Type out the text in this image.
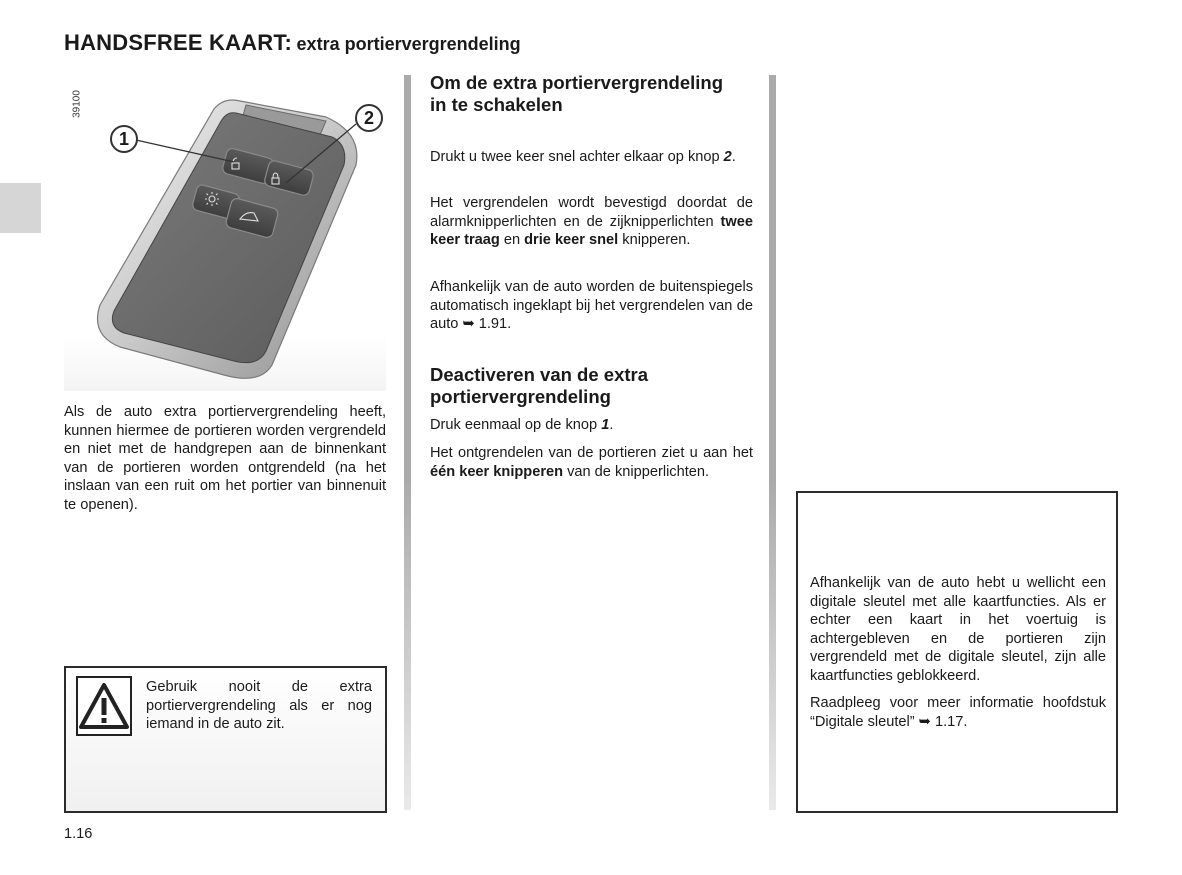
HANDSFREE KAART: extra portiervergrendeling
39100
1
2

Als de auto extra portiervergrendeling heeft, kunnen hiermee de portieren worden vergrendeld en niet met de handgrepen aan de binnenkant van de portieren worden ontgrendeld (na het inslaan van een ruit om het portier van binnenuit te openen).

Gebruik nooit de extra portiervergrendeling als er nog iemand in de auto zit.

Om de extra portiervergrendeling in te schakelen

Drukt u twee keer snel achter elkaar op knop 2.

Het vergrendelen wordt bevestigd doordat de alarmknipperlichten en de zijknipperlichten twee keer traag en drie keer snel knipperen.

Afhankelijk van de auto worden de buitenspiegels automatisch ingeklapt bij het vergrendelen van de auto ➥ 1.91.

Deactiveren van de extra portiervergrendeling

Druk eenmaal op de knop 1.

Het ontgrendelen van de portieren ziet u aan het één keer knipperen van de knipperlichten.

Afhankelijk van de auto hebt u wellicht een digitale sleutel met alle kaartfuncties. Als er echter een kaart in het voertuig is achtergebleven en de portieren zijn vergrendeld met de digitale sleutel, zijn alle kaartfuncties geblokkeerd.

Raadpleeg voor meer informatie hoofdstuk “Digitale sleutel” ➥ 1.17.

1.16
